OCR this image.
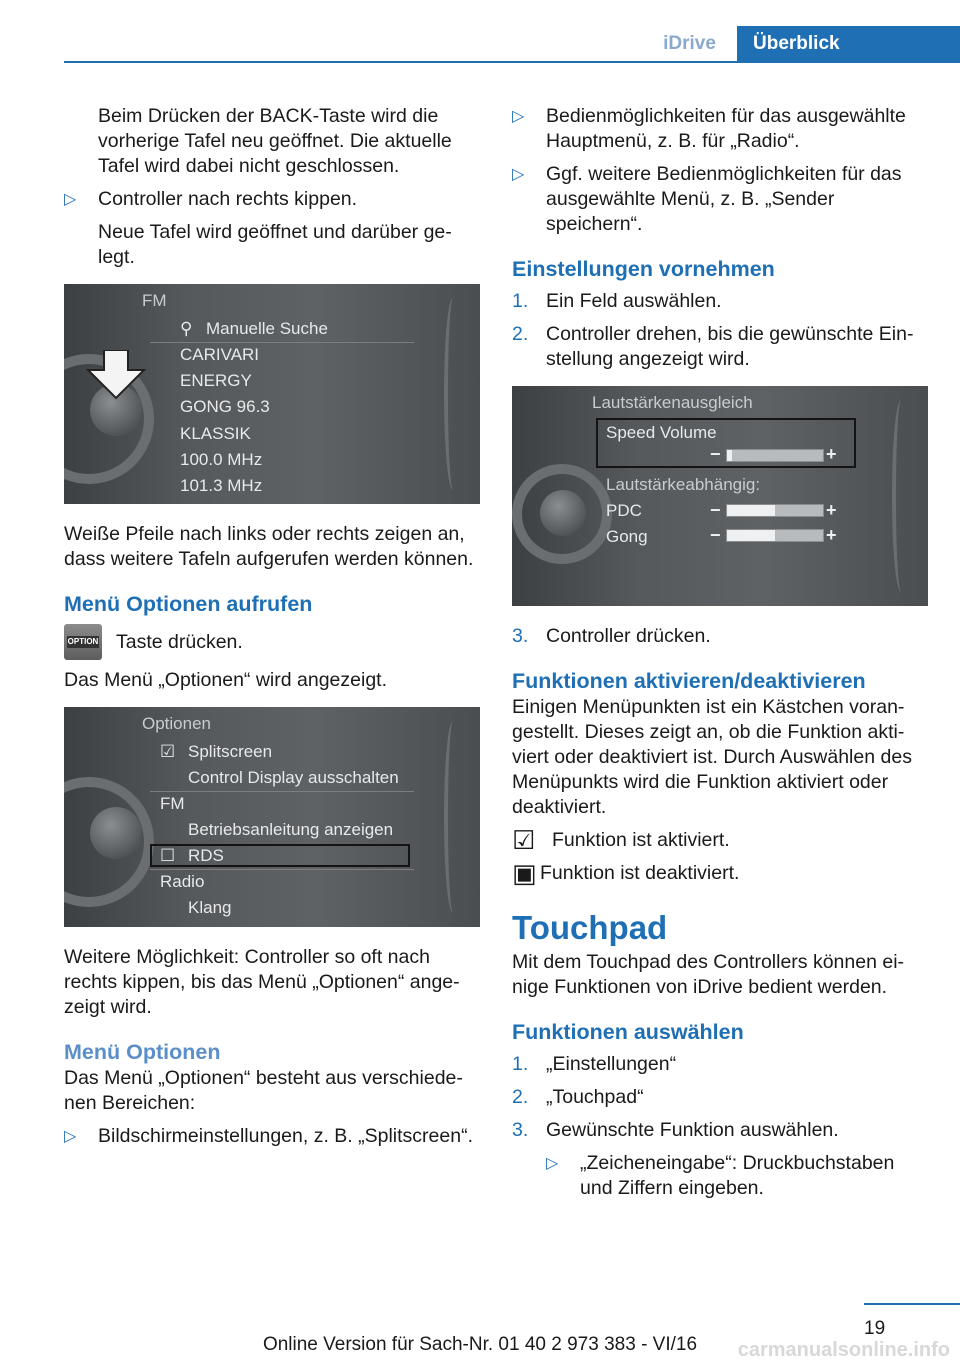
iDrive	Überblick

Beim Drücken der BACK-Taste wird die vorherige Tafel neu geöffnet. Die aktuelle Tafel wird dabei nicht geschlossen.

▷ Controller nach rechts kippen.
Neue Tafel wird geöffnet und darüber gelegt.
FM
⚲ Manuelle Suche
CARIVARI
ENERGY
GONG 96.3
KLASSIK
100.0 MHz
101.3 MHz

Weiße Pfeile nach links oder rechts zeigen an, dass weitere Tafeln aufgerufen werden können.

Menü Optionen aufrufen

OPTION Taste drücken.

Das Menü „Optionen“ wird angezeigt.

Optionen
☑ Splitscreen
Control Display ausschalten
FM
Betriebsanleitung anzeigen
☐ RDS
Radio
Klang

Weitere Möglichkeit: Controller so oft nach rechts kippen, bis das Menü „Optionen“ angezeigt wird.

Menü Optionen

Das Menü „Optionen“ besteht aus verschiedenen Bereichen:

▷ Bildschirmeinstellungen, z. B. „Splitscreen“.
▷ Bedienmöglichkeiten für das ausgewählte Hauptmenü, z. B. für „Radio“.
▷ Ggf. weitere Bedienmöglichkeiten für das ausgewählte Menü, z. B. „Sender speichern“.
Einstellungen vornehmen
1. Ein Feld auswählen.
2. Controller drehen, bis die gewünschte Einstellung angezeigt wird.
Lautstärkenausgleich
Speed Volume
−	+
Lautstärkeabhängig:
PDC	−	+
Gong	−	+
3. Controller drücken.
Funktionen aktivieren/deaktivieren

Einigen Menüpunkten ist ein Kästchen vorangestellt. Dieses zeigt an, ob die Funktion aktiviert oder deaktiviert ist. Durch Auswählen des Menüpunkts wird die Funktion aktiviert oder deaktiviert.

☑ Funktion ist aktiviert.
▣ Funktion ist deaktiviert.
Touchpad

Mit dem Touchpad des Controllers können einige Funktionen von iDrive bedient werden.

Funktionen auswählen
1. „Einstellungen“
2. „Touchpad“
3. Gewünschte Funktion auswählen.
▷ „Zeicheneingabe“: Druckbuchstaben und Ziffern eingeben.
19
Online Version für Sach-Nr. 01 40 2 973 383 - VI/16	carmanualsonline.info
